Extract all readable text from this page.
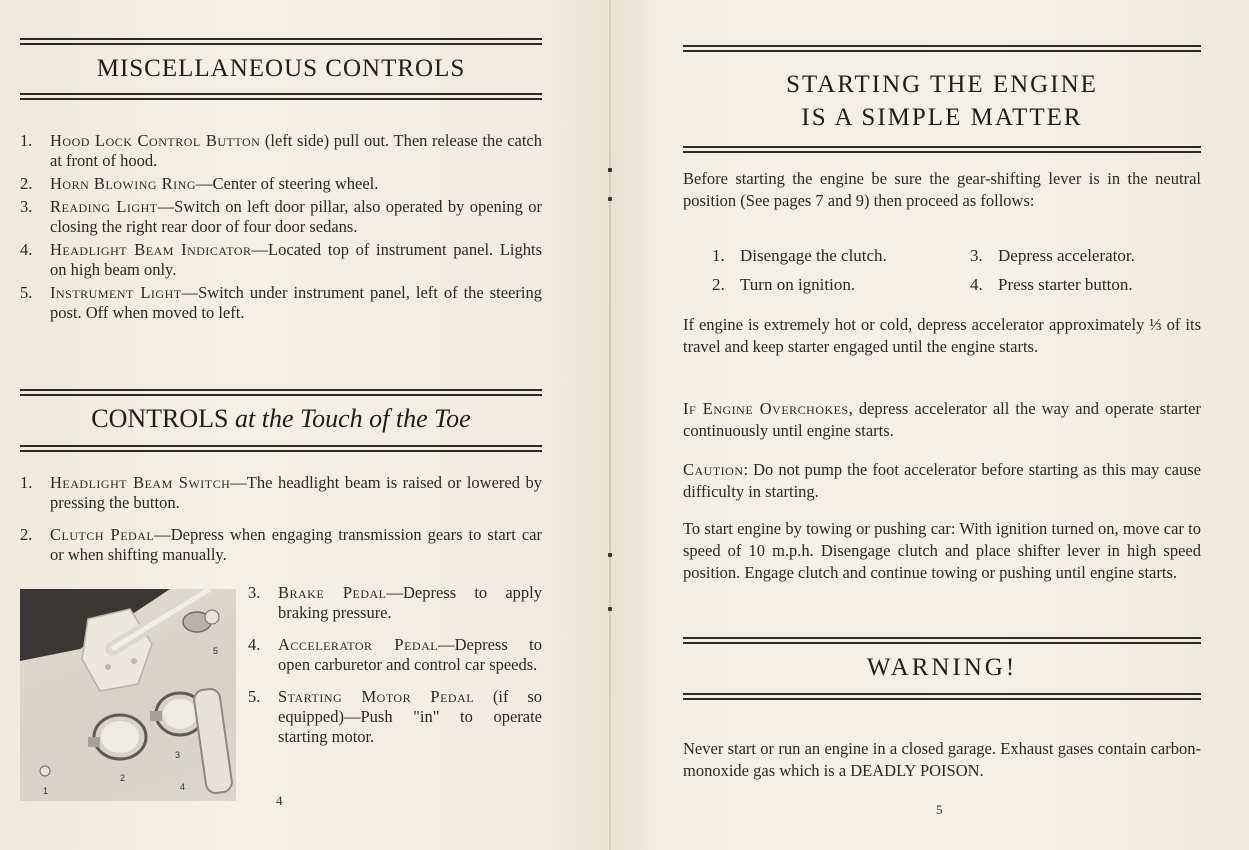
MISCELLANEOUS CONTROLS
1. Hood Lock Control Button (left side) pull out. Then release the catch at front of hood.
2. Horn Blowing Ring—Center of steering wheel.
3. Reading Light—Switch on left door pillar, also operated by opening or closing the right rear door of four door sedans.
4. Headlight Beam Indicator—Located top of instrument panel. Lights on high beam only.
5. Instrument Light—Switch under instrument panel, left of the steering post. Off when moved to left.
CONTROLS at the Touch of the Toe
1. Headlight Beam Switch—The headlight beam is raised or lowered by pressing the button.
2. Clutch Pedal—Depress when engaging transmission gears to start car or when shifting manually.
5
1
2
3
4
3. Brake Pedal—Depress to apply braking pressure.
4. Accelerator Pedal—Depress to open carburetor and control car speeds.
5. Starting Motor Pedal (if so equipped)—Push "in" to operate starting motor.
4
STARTING THE ENGINE
IS A SIMPLE MATTER

Before starting the engine be sure the gear-shifting lever is in the neutral position (See pages 7 and 9) then proceed as follows:

1. Disengage the clutch.	3. Depress accelerator.
2. Turn on ignition.	4. Press starter button.

If engine is extremely hot or cold, depress accelerator approximately ⅓ of its travel and keep starter engaged until the engine starts.

If Engine Overchokes, depress accelerator all the way and operate starter continuously until engine starts.

Caution: Do not pump the foot accelerator before starting as this may cause difficulty in starting.

To start engine by towing or pushing car: With ignition turned on, move car to speed of 10 m.p.h. Disengage clutch and place shifter lever in high speed position. Engage clutch and continue towing or pushing until engine starts.

WARNING!

Never start or run an engine in a closed garage. Exhaust gases contain carbon-monoxide gas which is a DEADLY POISON.

5
